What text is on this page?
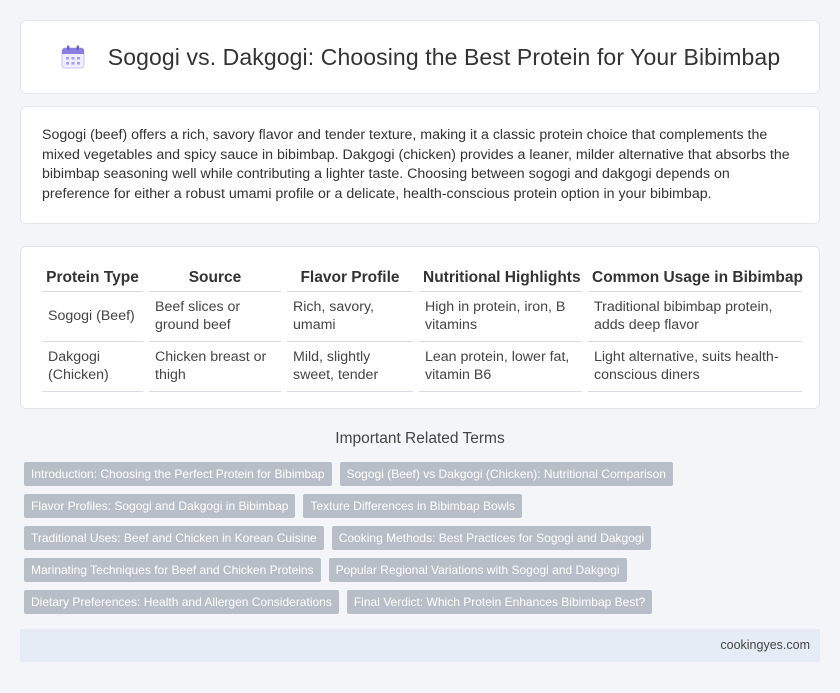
Sogogi vs. Dakgogi: Choosing the Best Protein for Your Bibimbap

Sogogi (beef) offers a rich, savory flavor and tender texture, making it a classic protein choice that complements the mixed vegetables and spicy sauce in bibimbap. Dakgogi (chicken) provides a leaner, milder alternative that absorbs the bibimbap seasoning well while contributing a lighter taste. Choosing between sogogi and dakgogi depends on preference for either a robust umami profile or a delicate, health-conscious protein option in your bibimbap.

Protein Type	Source	Flavor Profile	Nutritional Highlights	Common Usage in Bibimbap
Sogogi (Beef)	Beef slices or ground beef	Rich, savory, umami	High in protein, iron, B vitamins	Traditional bibimbap protein, adds deep flavor
Dakgogi (Chicken)	Chicken breast or thigh	Mild, slightly sweet, tender	Lean protein, lower fat, vitamin B6	Light alternative, suits health-conscious diners
Important Related Terms
Introduction: Choosing the Perfect Protein for Bibimbap	Sogogi (Beef) vs Dakgogi (Chicken): Nutritional Comparison
Flavor Profiles: Sogogi and Dakgogi in Bibimbap	Texture Differences in Bibimbap Bowls
Traditional Uses: Beef and Chicken in Korean Cuisine	Cooking Methods: Best Practices for Sogogi and Dakgogi
Marinating Techniques for Beef and Chicken Proteins	Popular Regional Variations with Sogogi and Dakgogi
Dietary Preferences: Health and Allergen Considerations	Final Verdict: Which Protein Enhances Bibimbap Best?
cookingyes.com
